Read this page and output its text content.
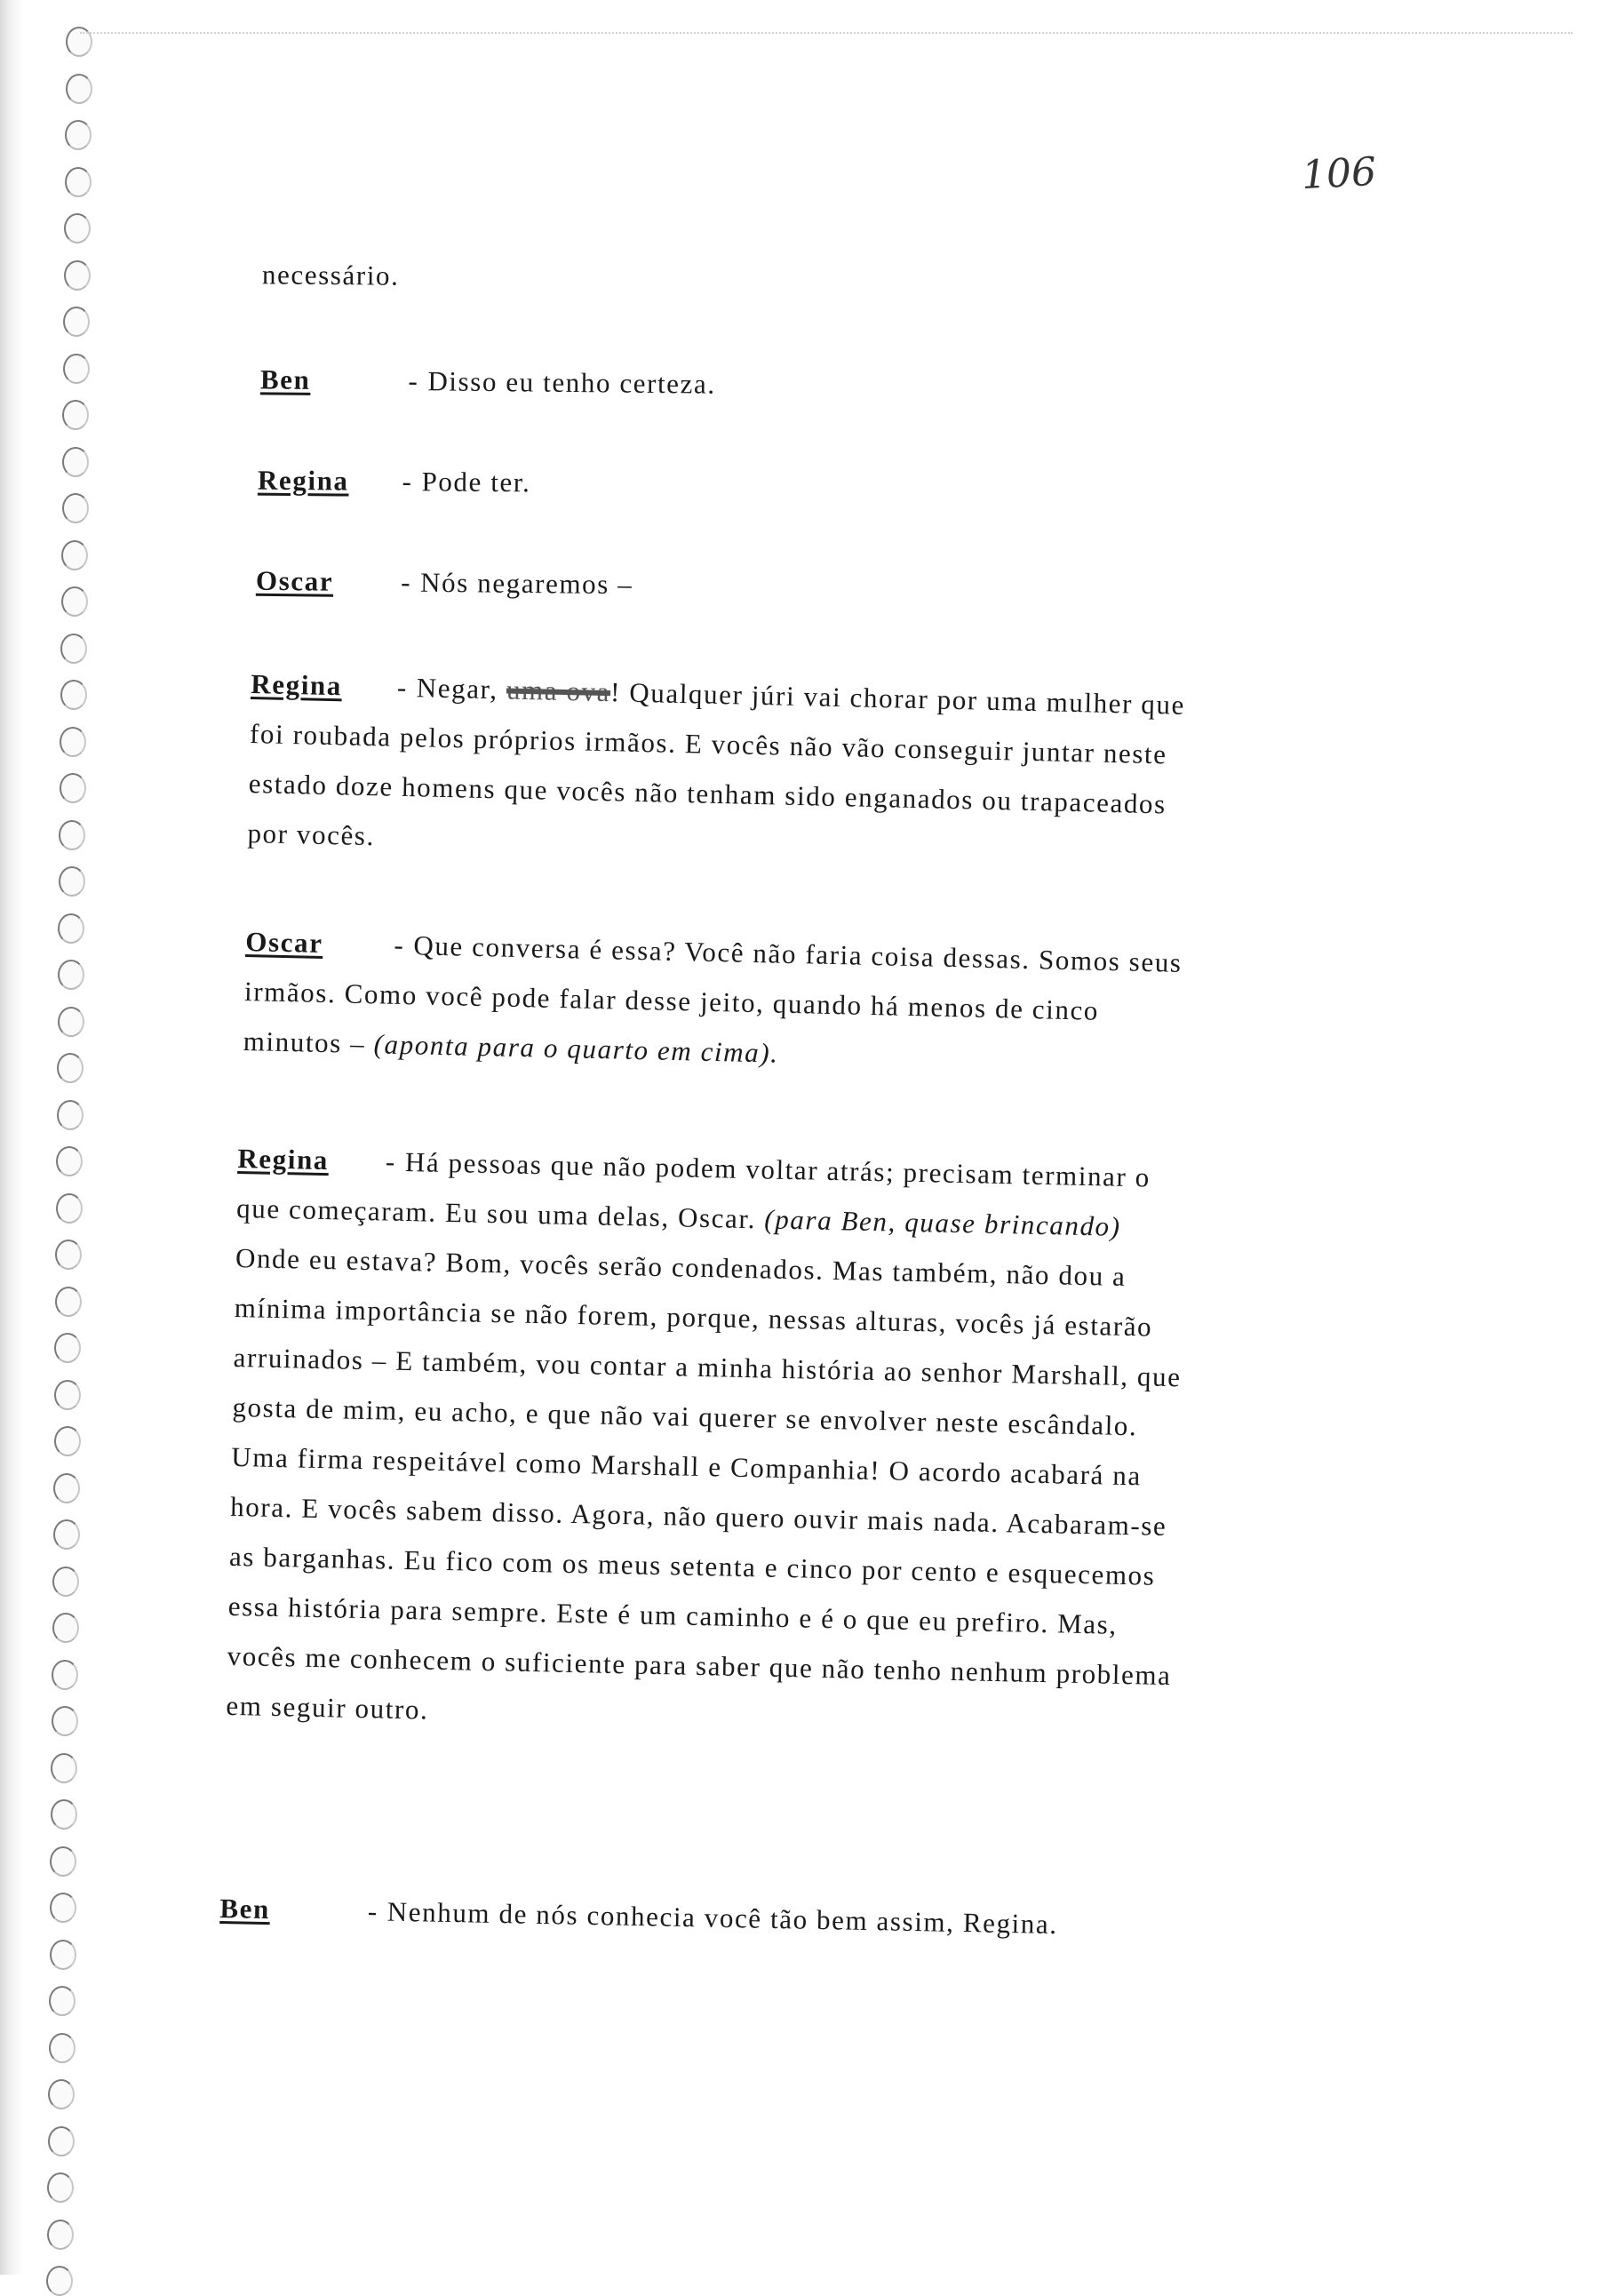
106
necessário.
Ben	- Disso eu tenho certeza.
Regina - Pode ter.
Oscar - Nós negaremos –
Regina - Negar, uma ova! Qualquer júri vai chorar por uma mulher que
foi roubada pelos próprios irmãos. E vocês não vão conseguir juntar neste
estado doze homens que vocês não tenham sido enganados ou trapaceados
por vocês.
Oscar	- Que conversa é essa? Você não faria coisa dessas. Somos seus
irmãos. Como você pode falar desse jeito, quando há menos de cinco
minutos – (aponta para o quarto em cima).
Regina - Há pessoas que não podem voltar atrás; precisam terminar o
que começaram. Eu sou uma delas, Oscar. (para Ben, quase brincando)
Onde eu estava? Bom, vocês serão condenados. Mas também, não dou a
mínima importância se não forem, porque, nessas alturas, vocês já estarão
arruinados – E também, vou contar a minha história ao senhor Marshall, que
gosta de mim, eu acho, e que não vai querer se envolver neste escândalo.
Uma firma respeitável como Marshall e Companhia! O acordo acabará na
hora. E vocês sabem disso. Agora, não quero ouvir mais nada. Acabaram-se
as barganhas. Eu fico com os meus setenta e cinco por cento e esquecemos
essa história para sempre. Este é um caminho e é o que eu prefiro. Mas,
vocês me conhecem o suficiente para saber que não tenho nenhum problema
em seguir outro.
Ben	- Nenhum de nós conhecia você tão bem assim, Regina.
